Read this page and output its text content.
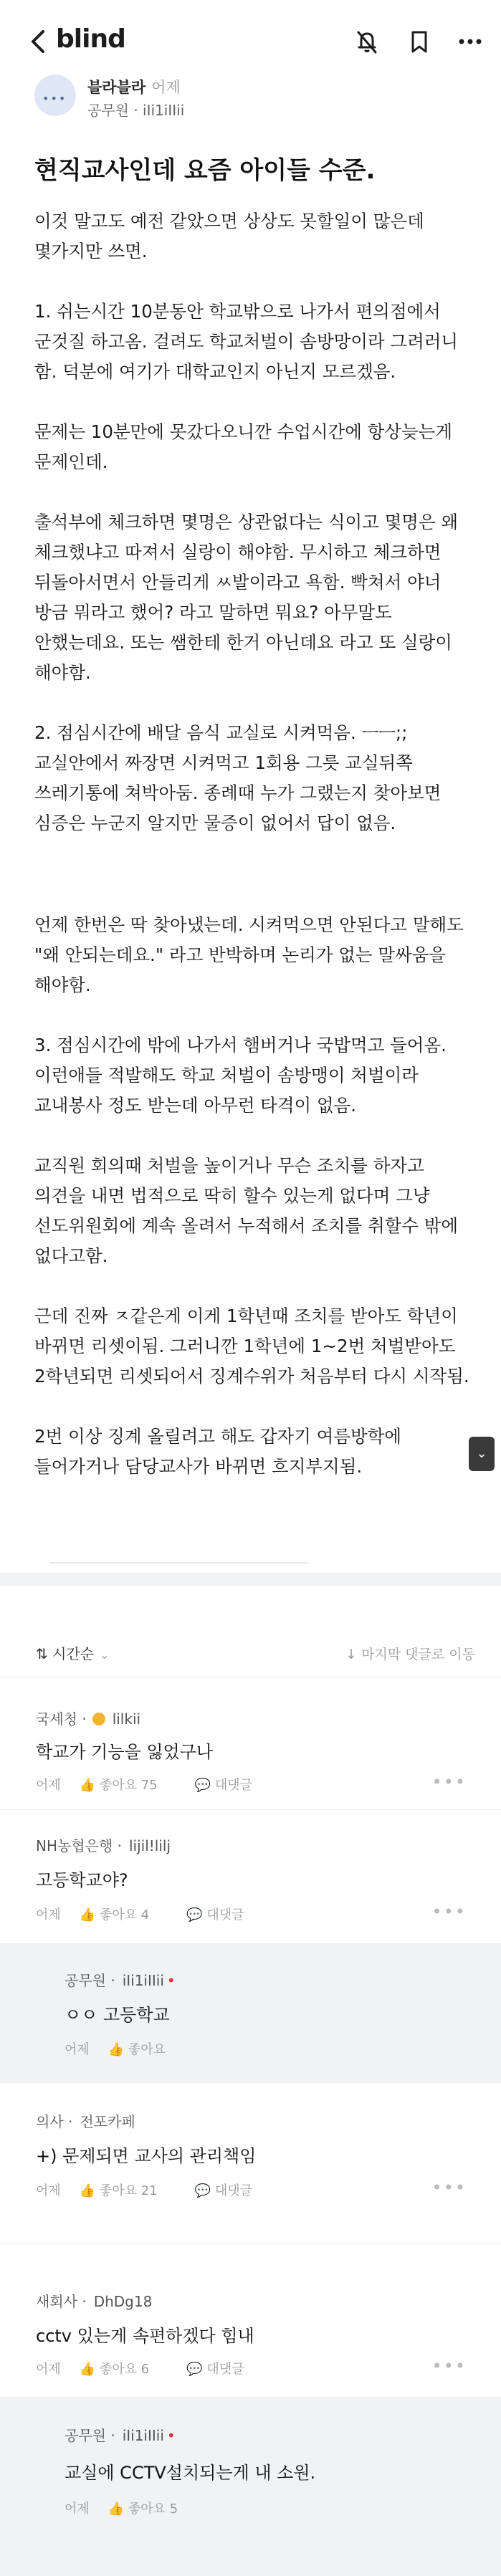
blind
•••
블라블라 어제
공무원 · iIi1iIIii
현직교사인데 요즘 아이들 수준.

이것 말고도 예전 같았으면 상상도 못할일이 많은데 몇가지만 쓰면.

1. 쉬는시간 10분동안 학교밖으로 나가서 편의점에서 군것질 하고옴. 걸려도 학교처벌이 솜방망이라 그려러니 함. 덕분에 여기가 대학교인지 아닌지 모르겠음.

문제는 10분만에 못갔다오니깐 수업시간에 항상늦는게 문제인데.

출석부에 체크하면 몇명은 상관없다는 식이고 몇명은 왜 체크했냐고 따져서 실랑이 해야함. 무시하고 체크하면 뒤돌아서면서 안들리게 ㅆ발이라고 욕함. 빡쳐서 야너 방금 뭐라고 했어? 라고 말하면 뭐요? 아무말도 안했는데요. 또는 쌤한테 한거 아닌데요 라고 또 실랑이 해야함.

2. 점심시간에 배달 음식 교실로 시켜먹음. ㅡㅡ;; 교실안에서 짜장면 시켜먹고 1회용 그릇 교실뒤쪽 쓰레기통에 쳐박아둠. 종례때 누가 그랬는지 찾아보면 심증은 누군지 알지만 물증이 없어서 답이 없음.

언제 한번은 딱 찾아냈는데. 시켜먹으면 안된다고 말해도 "왜 안되는데요." 라고 반박하며 논리가 없는 말싸움을 해야함.

3. 점심시간에 밖에 나가서 햄버거나 국밥먹고 들어옴. 이런애들 적발해도 학교 처벌이 솜방맹이 처벌이라 교내봉사 정도 받는데 아무런 타격이 없음.

교직원 회의때 처벌을 높이거나 무슨 조치를 하자고 의견을 내면 법적으로 딱히 할수 있는게 없다며 그냥 선도위원회에 계속 올려서 누적해서 조치를 취할수 밖에 없다고함.

근데 진짜 ㅈ같은게 이게 1학년때 조치를 받아도 학년이 바뀌면 리셋이됨. 그러니깐 1학년에 1~2번 처벌받아도 2학년되면 리셋되어서 징계수위가 처음부터 다시 시작됨.

2번 이상 징계 올릴려고 해도 갑자기 여름방학에 들어가거나 담당교사가 바뀌면 흐지부지됨.

⌄
⇅ 시간순 ⌄	↓ 마지막 댓글로 이동
국세청 · lilkii
학교가 기능을 잃었구나
어제 👍 좋아요 75	💬 대댓글	•••
NH농협은행 · lijil!lilj
고등학교야?
어제 👍 좋아요 4	💬 대댓글	•••
공무원 · iIi1iIIii •
ㅇㅇ 고등학교
어제 👍 좋아요
의사 · 전포카페
+) 문제되면 교사의 관리책임
어제 👍 좋아요 21	💬 대댓글	•••
새회사 · DhDg18
cctv 있는게 속편하겠다 힘내
어제 👍 좋아요 6	💬 대댓글	•••
공무원 · iIi1iIIii •
교실에 CCTV설치되는게 내 소원.
어제 👍 좋아요 5
